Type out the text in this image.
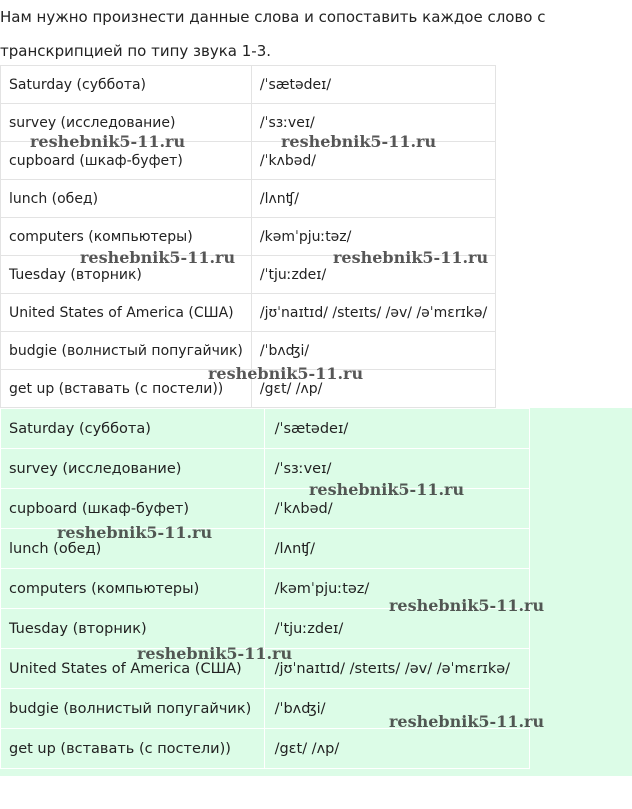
Нам нужно произнести данные слова и сопоставить каждое слово с
транскрипцией по типу звука 1-3.
Saturday (суббота)	/ˈsætədeɪ/
survey (исследование)	/ˈsɜːveɪ/
cupboard (шкаф-буфет)	/ˈkʌbəd/
lunch (обед)	/lʌnʧ/
computers (компьютеры)	/kəmˈpjuːtəz/
Tuesday (вторник)	/ˈtjuːzdeɪ/
United States of America (США)	/jʊˈnaɪtɪd/ /steɪts/ /əv/ /əˈmɛrɪkə/
budgie (волнистый попугайчик)	/ˈbʌʤi/
get up (вставать (с постели))	/gɛt/ /ʌp/
Saturday (суббота)	/ˈsætədeɪ/
survey (исследование)	/ˈsɜːveɪ/
cupboard (шкаф-буфет)	/ˈkʌbəd/
lunch (обед)	/lʌnʧ/
computers (компьютеры)	/kəmˈpjuːtəz/
Tuesday (вторник)	/ˈtjuːzdeɪ/
United States of America (США)	/jʊˈnaɪtɪd/ /steɪts/ /əv/ /əˈmɛrɪkə/
budgie (волнистый попугайчик)	/ˈbʌʤi/
get up (вставать (с постели))	/gɛt/ /ʌp/
reshebnik5-11.ru	reshebnik5-11.ru
reshebnik5-11.ru	reshebnik5-11.ru
reshebnik5-11.ru
reshebnik5-11.ru
reshebnik5-11.ru
reshebnik5-11.ru
reshebnik5-11.ru
reshebnik5-11.ru
